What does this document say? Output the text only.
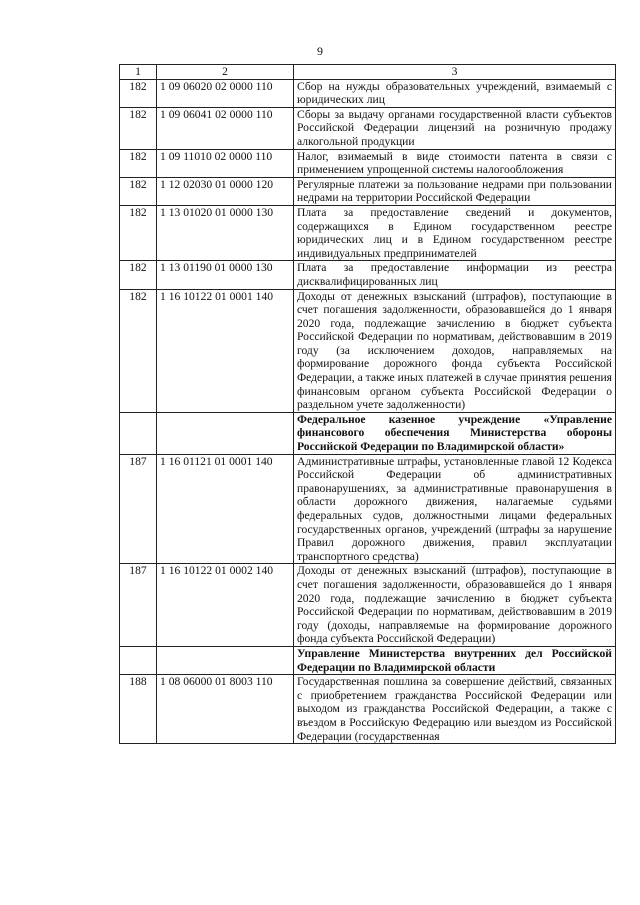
9
1	2	3
182	1 09 06020 02 0000 110	Сбор на нужды образовательных учреждений, взимаемый с юридических лиц
182	1 09 06041 02 0000 110	Сборы за выдачу органами государственной власти субъектов Российской Федерации лицензий на розничную продажу алкогольной продукции
182	1 09 11010 02 0000 110	Налог, взимаемый в виде стоимости патента в связи с применением упрощенной системы налогообложения
182	1 12 02030 01 0000 120	Регулярные платежи за пользование недрами при пользовании недрами на территории Российской Федерации
182	1 13 01020 01 0000 130	Плата за предоставление сведений и документов, содержащихся в Едином государственном реестре юридических лиц и в Едином государственном реестре индивидуальных предпринимателей
182	1 13 01190 01 0000 130	Плата за предоставление информации из реестра дисквалифицированных лиц
182	1 16 10122 01 0001 140	Доходы от денежных взысканий (штрафов), поступающие в счет погашения задолженности, образовавшейся до 1 января 2020 года, подлежащие зачислению в бюджет субъекта Российской Федерации по нормативам, действовавшим в 2019 году (за исключением доходов, направляемых на формирование дорожного фонда субъекта Российской Федерации, а также иных платежей в случае принятия решения финансовым органом субъекта Российской Федерации о раздельном учете задолженности)
		Федеральное казенное учреждение «Управление финансового обеспечения Министерства обороны Российской Федерации по Владимирской области»
187	1 16 01121 01 0001 140	Административные штрафы, установленные главой 12 Кодекса Российской Федерации об административных правонарушениях, за административные правонарушения в области дорожного движения, налагаемые судьями федеральных судов, должностными лицами федеральных государственных органов, учреждений (штрафы за нарушение Правил дорожного движения, правил эксплуатации транспортного средства)
187	1 16 10122 01 0002 140	Доходы от денежных взысканий (штрафов), поступающие в счет погашения задолженности, образовавшейся до 1 января 2020 года, подлежащие зачислению в бюджет субъекта Российской Федерации по нормативам, действовавшим в 2019 году (доходы, направляемые на формирование дорожного фонда субъекта Российской Федерации)
		Управление Министерства внутренних дел Российской Федерации по Владимирской области
188	1 08 06000 01 8003 110	Государственная пошлина за совершение действий, связанных с приобретением гражданства Российской Федерации или выходом из гражданства Российской Федерации, а также с въездом в Российскую Федерацию или выездом из Российской Федерации (государственная
